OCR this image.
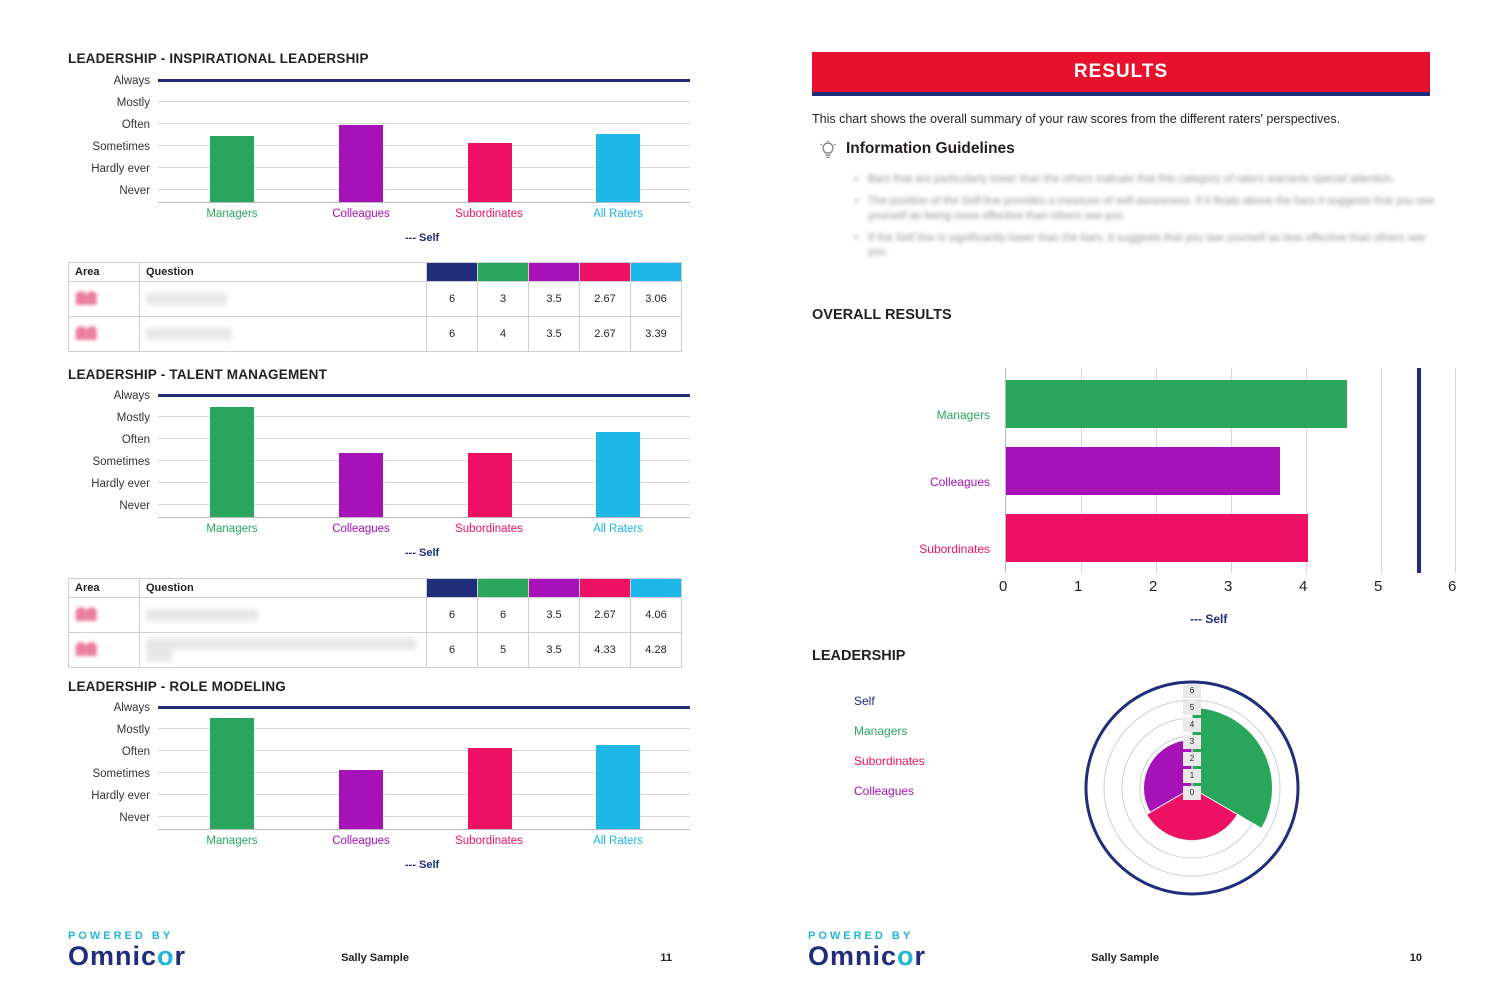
LEADERSHIP - INSPIRATIONAL LEADERSHIP
Always
Mostly
Often
Sometimes
Hardly ever
Never
Managers	Colleagues	Subordinates	All Raters
--- Self
Area	Question					
		6	3	3.5	2.67	3.06
		6	4	3.5	2.67	3.39
LEADERSHIP - TALENT MANAGEMENT
Always
Mostly
Often
Sometimes
Hardly ever
Never
Managers	Colleagues	Subordinates	All Raters
--- Self
Area	Question					
		6	6	3.5	2.67	4.06
		6	5	3.5	4.33	4.28
LEADERSHIP - ROLE MODELING
Always
Mostly
Often
Sometimes
Hardly ever
Never
Managers	Colleagues	Subordinates	All Raters
--- Self
POWERED BY
Omnicor	Sally Sample	11
RESULTS
This chart shows the overall summary of your raw scores from the different raters' perspectives.
Information Guidelines
• Bars that are particularly lower than the others indicate that this category of raters warrants special attention.
• The position of the Self line provides a measure of self-awareness. If it floats above the bars it suggests that you see yourself as being more effective than others see you.
• If the Self line is significantly lower than the bars, it suggests that you see yourself as less effective than others see you.
OVERALL RESULTS
Managers
Colleagues
Subordinates
0	1	2	3	4	5	6
--- Self
LEADERSHIP
Self
Managers
Subordinates
Colleagues
6
5
4
3
2
1
0
POWERED BY
Omnicor	Sally Sample	10
